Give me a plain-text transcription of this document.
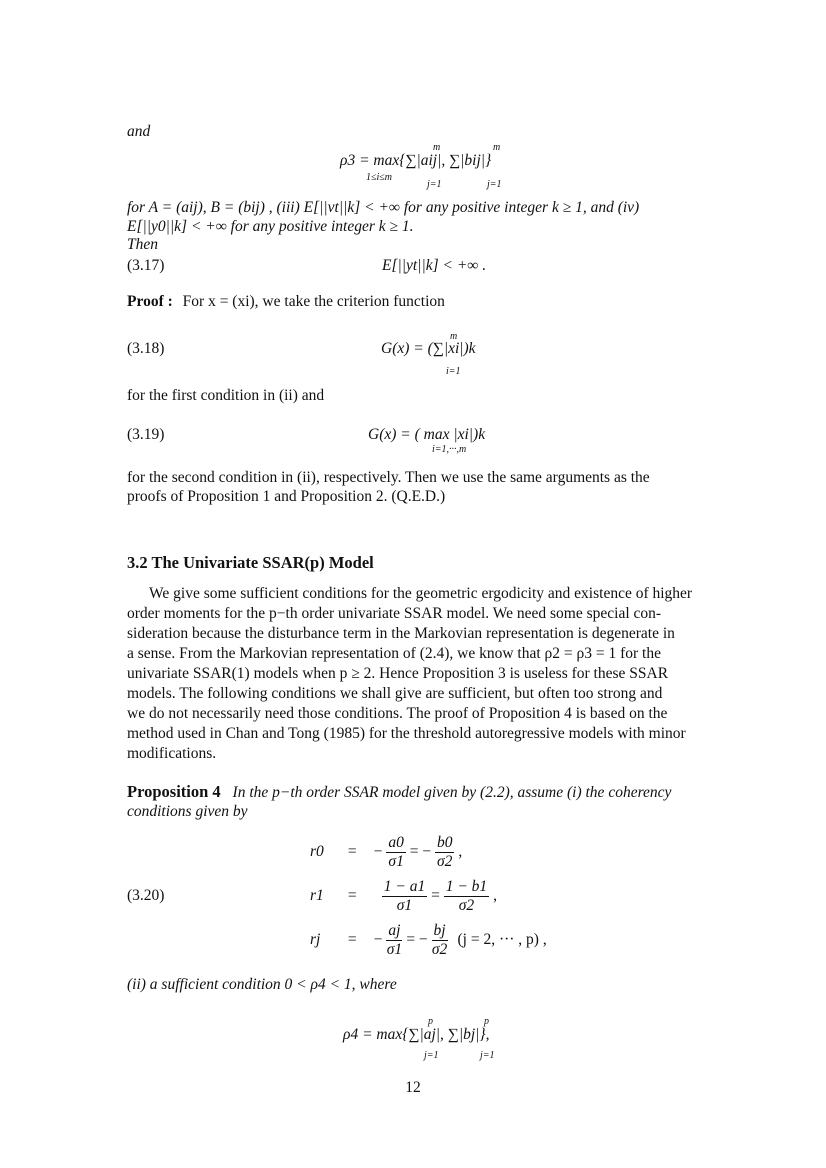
and
m	m
ρ3 = max{∑|aij|, ∑|bij|}
1≤i≤m
j=1	j=1
for A = (aij), B = (bij) , (iii) E[||vt||k] < +∞ for any positive integer k ≥ 1, and (iv)
E[||y0||k] < +∞ for any positive integer k ≥ 1.
Then
(3.17)	E[||yt||k] < +∞ .
Proof : For x = (xi), we take the criterion function
m
(3.18)	G(x) = (∑|xi|)k
i=1
for the first condition in (ii) and
(3.19)	G(x) = ( max |xi|)k
i=1,···,m
for the second condition in (ii), respectively. Then we use the same arguments as the
proofs of Proposition 1 and Proposition 2. (Q.E.D.)
3.2 The Univariate SSAR(p) Model
We give some sufficient conditions for the geometric ergodicity and existence of higher
order moments for the p−th order univariate SSAR model. We need some special con-
sideration because the disturbance term in the Markovian representation is degenerate in
a sense. From the Markovian representation of (2.4), we know that ρ2 = ρ3 = 1 for the
univariate SSAR(1) models when p ≥ 2. Hence Proposition 3 is useless for these SSAR
models. The following conditions we shall give are sufficient, but often too strong and
we do not necessarily need those conditions. The proof of Proposition 4 is based on the
method used in Chan and Tong (1985) for the threshold autoregressive models with minor
modifications.
Proposition 4 In the p−th order SSAR model given by (2.2), assume (i) the coherency
conditions given by
(3.20)
r0 = − $\frac{a0}{\sigma 1}$ = − $\frac{b0}{\sigma 2}$ ,
$r1 = \frac{1 - a1}{\sigma 1} = \frac{1 - b1}{\sigma 2}$ ,
rj = − $\frac{aj}{\sigma 1}$ = − $\frac{bj}{\sigma 2} (j = 2$, ··· , p) ,
(ii) a sufficient condition 0 < ρ4 < 1, where
p	p
ρ4 = max{∑|aj|, ∑|bj|},
j=1	j=1
12
